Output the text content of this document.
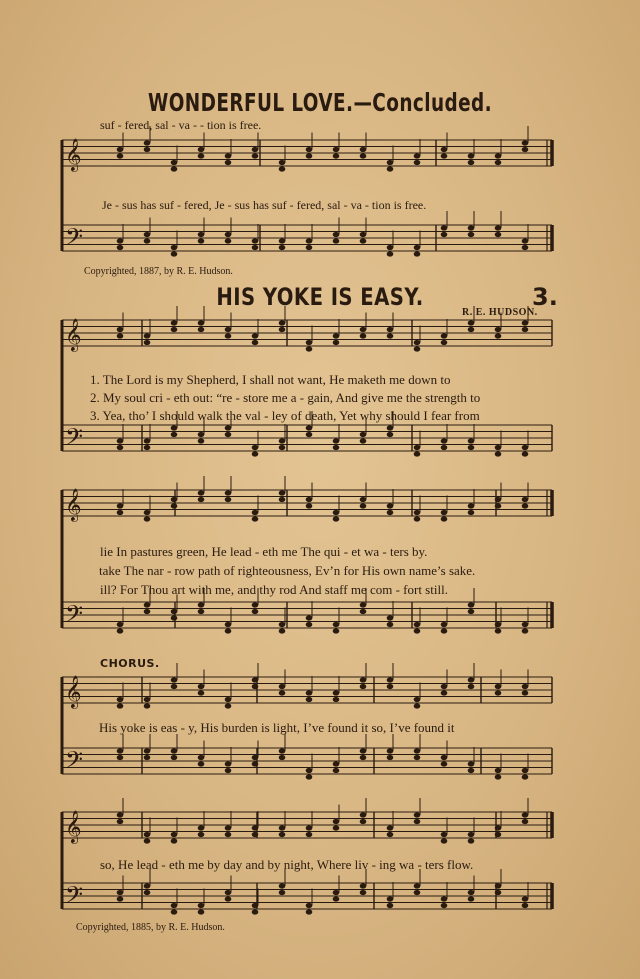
𝄞
𝄢
𝄞
𝄢
𝄞
𝄢
𝄞
𝄢
𝄞
𝄢
WONDERFUL LOVE.—Concluded.
suf - fered, sal - va - - tion is free.
Je - sus has suf - fered, Je - sus has suf - fered, sal - va - tion is free.
Copyrighted, 1887, by R. E. Hudson.
HIS YOKE IS EASY.	3.
R. E. HUDSON.
1. The Lord is my Shepherd, I shall not want, He maketh me down to
2. My soul cri - eth out: “re - store me a - gain, And give me the strength to
3. Yea, tho’ I should walk the val - ley of death, Yet why should I fear from
lie In pastures green, He lead - eth me The qui - et wa - ters by.
take The nar - row path of righteousness, Ev’n for His own name’s sake.
ill? For Thou art with me, and thy rod And staff me com - fort still.
CHORUS.
His yoke is eas - y, His burden is light, I’ve found it so, I’ve found it
so, He lead - eth me by day and by night, Where liv - ing wa - ters flow.
Copyrighted, 1885, by R. E. Hudson.
